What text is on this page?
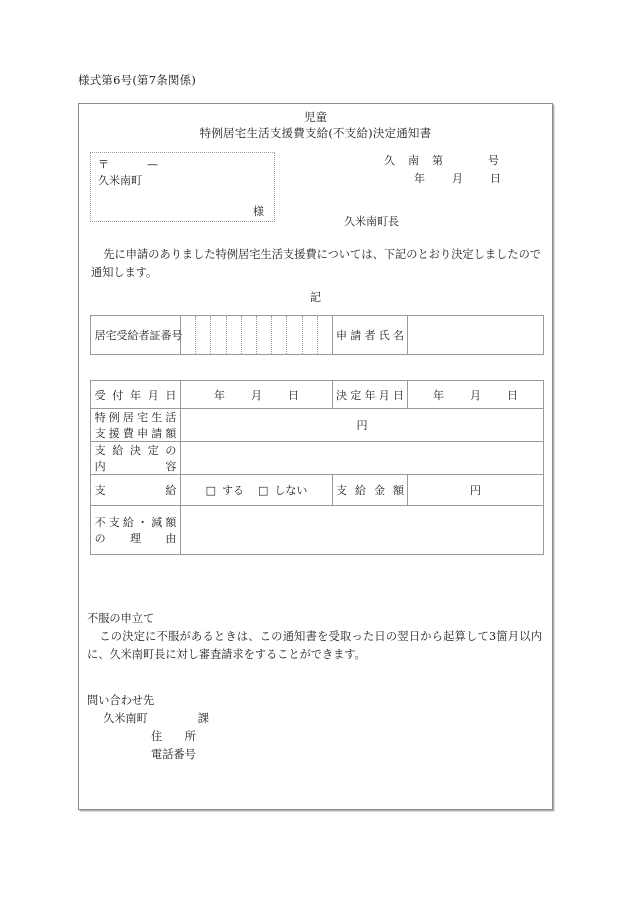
様式第6号(第7条関係)
児童
特例居宅生活支援費支給(不支給)決定通知書
〒	—
久米南町
様
久 南 第	号
年 月 日
久米南町長
先に申請のありました特例居宅生活支援費については、下記のとおり決定しましたので通知します。
記
居宅受給者証番号		申請者氏名	
受付年月日	年 月 日	決定年月日	年 月 日

特例居宅生活
支援費申請額	円		

支給決定の
内　　　容			

支　　　　給	□ する □ しない	支給金額	円

不支給・減額
の　　理　　由			

不服の申立て
この決定に不服があるときは、この通知書を受取った日の翌日から起算して3箇月以内に、久米南町長に対し審査請求をすることができます。
問い合わせ先
久米南町	課
住　　所
電話番号
